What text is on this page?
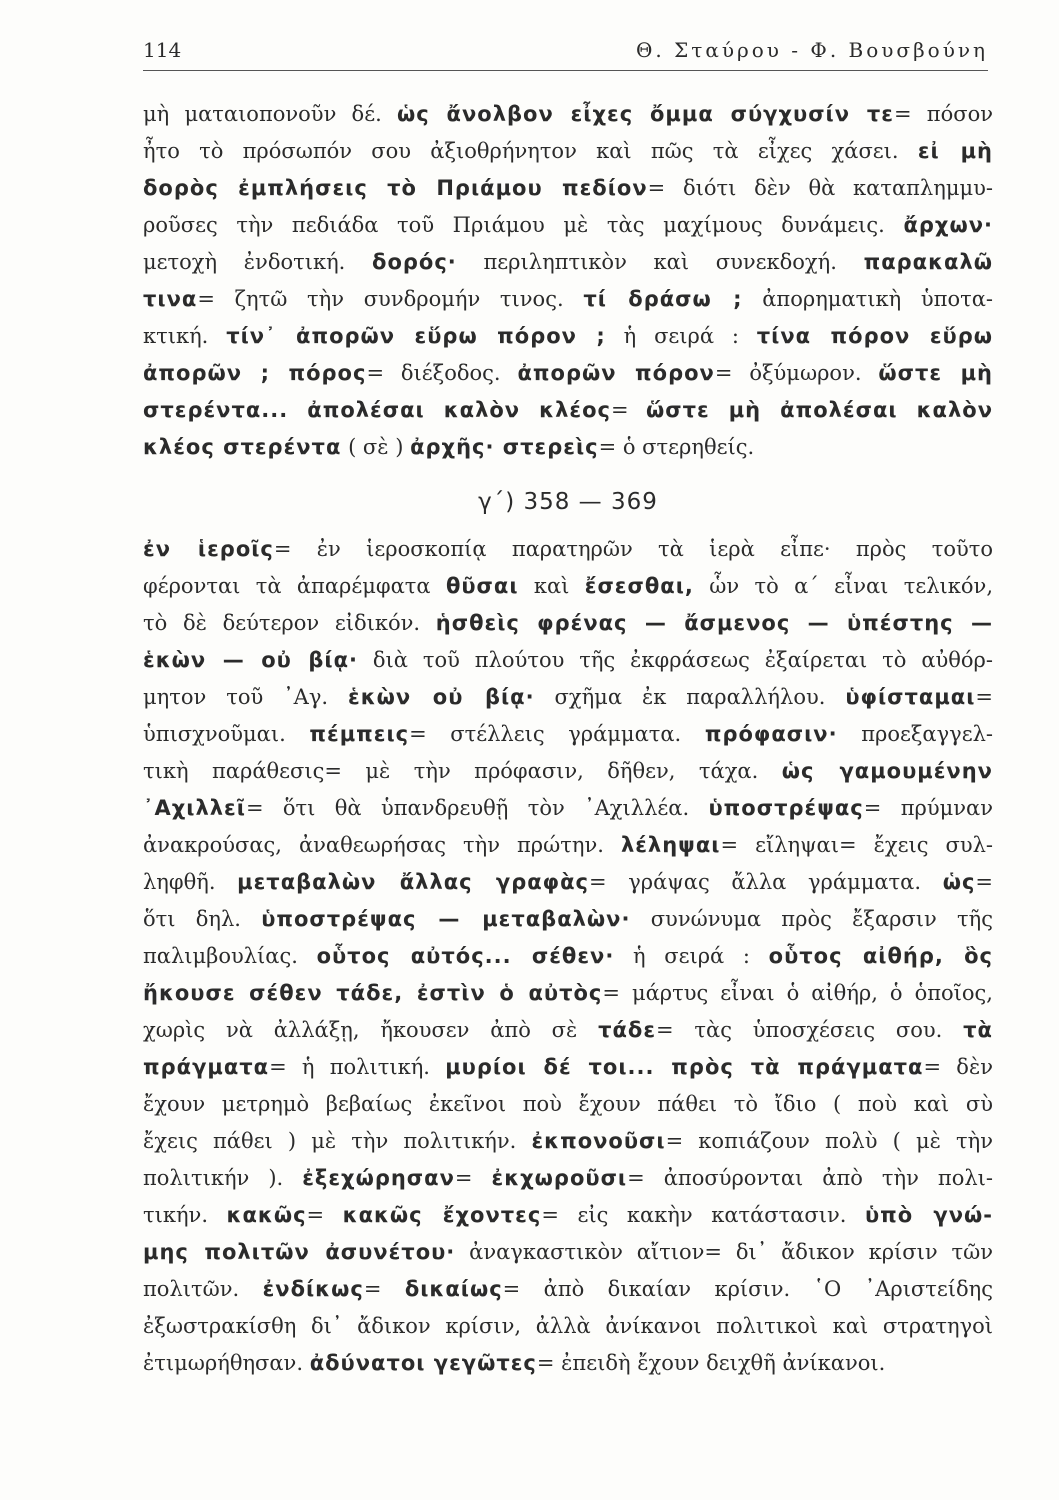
114	Θ. Σταύρου - Φ. Βουσβούνη
μὴ ματαιοπονοῦν δέ. ὡς ἄνολβον εἶχες ὄμμα σύγχυσίν τε= πόσον
ἦτο τὸ πρόσωπόν σου ἀξιοθρήνητον καὶ πῶς τὰ εἶχες χάσει. εἰ μὴ
δορὸς ἐμπλήσεις τὸ Πριάμου πεδίον= διότι δὲν θὰ καταπλημμυ-
ροῦσες τὴν πεδιάδα τοῦ Πριάμου μὲ τὰς μαχίμους δυνάμεις. ἄρχων·
μετοχὴ ἐνδοτική. δορός· περιληπτικὸν καὶ συνεκδοχή. παρακαλῶ
τινα= ζητῶ τὴν συνδρομήν τινος. τί δράσω ; ἀπορηματικὴ ὑποτα-
κτική. τίν᾽ ἀπορῶν εὕρω πόρον ; ἡ σειρά : τίνα πόρον εὕρω
ἀπορῶν ; πόρος= διέξοδος. ἀπορῶν πόρον= ὀξύμωρον. ὥστε μὴ
στερέντα... ἀπολέσαι καλὸν κλέος= ὥστε μὴ ἀπολέσαι καλὸν
κλέος στερέντα ( σὲ ) ἀρχῆς· στερεὶς= ὁ στερηθείς.
γ΄) 358 — 369
ἐν ἱεροῖς= ἐν ἱεροσκοπίᾳ παρατηρῶν τὰ ἱερὰ εἶπε· πρὸς τοῦτο
φέρονται τὰ ἀπαρέμφατα θῦσαι καὶ ἔσεσθαι, ὧν τὸ α΄ εἶναι τελικόν,
τὸ δὲ δεύτερον εἰδικόν. ἡσθεὶς φρένας — ἄσμενος — ὑπέστης —
ἑκὼν — οὐ βίᾳ· διὰ τοῦ πλούτου τῆς ἐκφράσεως ἐξαίρεται τὸ αὐθόρ-
μητον τοῦ ᾿Αγ. ἑκὼν οὐ βίᾳ· σχῆμα ἐκ παραλλήλου. ὑφίσταμαι=
ὑπισχνοῦμαι. πέμπεις= στέλλεις γράμματα. πρόφασιν· προεξαγγελ-
τικὴ παράθεσις= μὲ τὴν πρόφασιν, δῆθεν, τάχα. ὡς γαμουμένην
᾿Αχιλλεῖ= ὅτι θὰ ὑπανδρευθῇ τὸν ᾿Αχιλλέα. ὑποστρέψας= πρύμναν
ἀνακρούσας, ἀναθεωρήσας τὴν πρώτην. λέληψαι= εἴληψαι= ἔχεις συλ-
ληφθῆ. μεταβαλὼν ἄλλας γραφὰς= γράψας ἄλλα γράμματα. ὡς=
ὅτι δηλ. ὑποστρέψας — μεταβαλὼν· συνώνυμα πρὸς ἔξαρσιν τῆς
παλιμβουλίας. οὗτος αὐτός... σέθεν· ἡ σειρά : οὗτος αἰθήρ, ὃς
ἤκουσε σέθεν τάδε, ἐστὶν ὁ αὐτὸς= μάρτυς εἶναι ὁ αἰθήρ, ὁ ὁποῖος,
χωρὶς νὰ ἀλλάξῃ, ἤκουσεν ἀπὸ σὲ τάδε= τὰς ὑποσχέσεις σου. τὰ
πράγματα= ἡ πολιτική. μυρίοι δέ τοι... πρὸς τὰ πράγματα= δὲν
ἔχουν μετρημὸ βεβαίως ἐκεῖνοι ποὺ ἔχουν πάθει τὸ ἴδιο ( ποὺ καὶ σὺ
ἔχεις πάθει ) μὲ τὴν πολιτικήν. ἐκπονοῦσι= κοπιάζουν πολὺ ( μὲ τὴν
πολιτικήν ). ἐξεχώρησαν= ἐκχωροῦσι= ἀποσύρονται ἀπὸ τὴν πολι-
τικήν. κακῶς= κακῶς ἔχοντες= εἰς κακὴν κατάστασιν. ὑπὸ γνώ-
μης πολιτῶν ἀσυνέτου· ἀναγκαστικὸν αἴτιον= δι᾽ ἄδικον κρίσιν τῶν
πολιτῶν. ἐνδίκως= δικαίως= ἀπὸ δικαίαν κρίσιν. ῾Ο ᾿Αριστείδης
ἐξωστρακίσθη δι᾽ ἄδικον κρίσιν, ἀλλὰ ἀνίκανοι πολιτικοὶ καὶ στρατηγοὶ
ἐτιμωρήθησαν. ἀδύνατοι γεγῶτες= ἐπειδὴ ἔχουν δειχθῆ ἀνίκανοι.
